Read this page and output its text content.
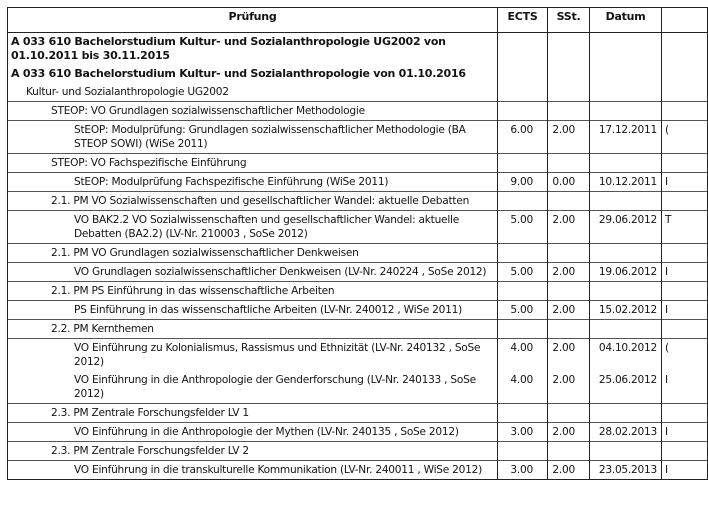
Prüfung	ECTS	SSt.	Datum	
A 033 610 Bachelorstudium Kultur- und Sozialanthropologie UG2002 von 01.10.2011 bis 30.11.2015				
A 033 610 Bachelorstudium Kultur- und Sozialanthropologie von 01.10.2016				
Kultur- und Sozialanthropologie UG2002				
STEOP: VO Grundlagen sozialwissenschaftlicher Methodologie				
StEOP: Modulprüfung: Grundlagen sozialwissenschaftlicher Methodologie (BA STEOP SOWI) (WiSe 2011)	6.00	2.00	17.12.2011	(
STEOP: VO Fachspezifische Einführung				
StEOP: Modulprüfung Fachspezifische Einführung (WiSe 2011)	9.00	0.00	10.12.2011	I
2.1. PM VO Sozialwissenschaften und gesellschaftlicher Wandel: aktuelle Debatten				
VO BAK2.2 VO Sozialwissenschaften und gesellschaftlicher Wandel: aktuelle Debatten (BA2.2) (LV-Nr. 210003 , SoSe 2012)	5.00	2.00	29.06.2012	T
2.1. PM VO Grundlagen sozialwissenschaftlicher Denkweisen				
VO Grundlagen sozialwissenschaftlicher Denkweisen (LV-Nr. 240224 , SoSe 2012)	5.00	2.00	19.06.2012	I
2.1. PM PS Einführung in das wissenschaftliche Arbeiten				
PS Einführung in das wissenschaftliche Arbeiten (LV-Nr. 240012 , WiSe 2011)	5.00	2.00	15.02.2012	I
2.2. PM Kernthemen				
VO Einführung zu Kolonialismus, Rassismus und Ethnizität (LV-Nr. 240132 , SoSe 2012)	4.00	2.00	04.10.2012	(
VO Einführung in die Anthropologie der Genderforschung (LV-Nr. 240133 , SoSe 2012)	4.00	2.00	25.06.2012	I
2.3. PM Zentrale Forschungsfelder LV 1				
VO Einführung in die Anthropologie der Mythen (LV-Nr. 240135 , SoSe 2012)	3.00	2.00	28.02.2013	I
2.3. PM Zentrale Forschungsfelder LV 2				
VO Einführung in die transkulturelle Kommunikation (LV-Nr. 240011 , WiSe 2012)	3.00	2.00	23.05.2013	I
